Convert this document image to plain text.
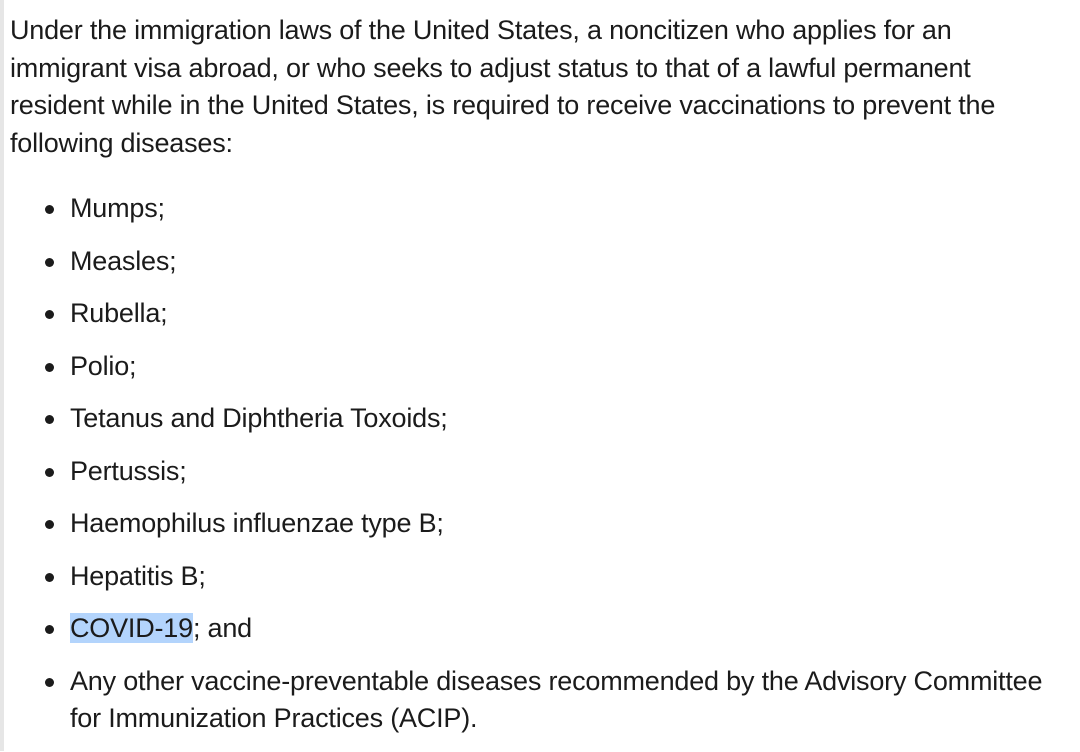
Under the immigration laws of the United States, a noncitizen who applies for an immigrant visa abroad, or who seeks to adjust status to that of a lawful permanent resident while in the United States, is required to receive vaccinations to prevent the following diseases:

Mumps;
Measles;
Rubella;
Polio;
Tetanus and Diphtheria Toxoids;
Pertussis;
Haemophilus influenzae type B;
Hepatitis B;
COVID-19; and
Any other vaccine-preventable diseases recommended by the Advisory Committee for Immunization Practices (ACIP).
